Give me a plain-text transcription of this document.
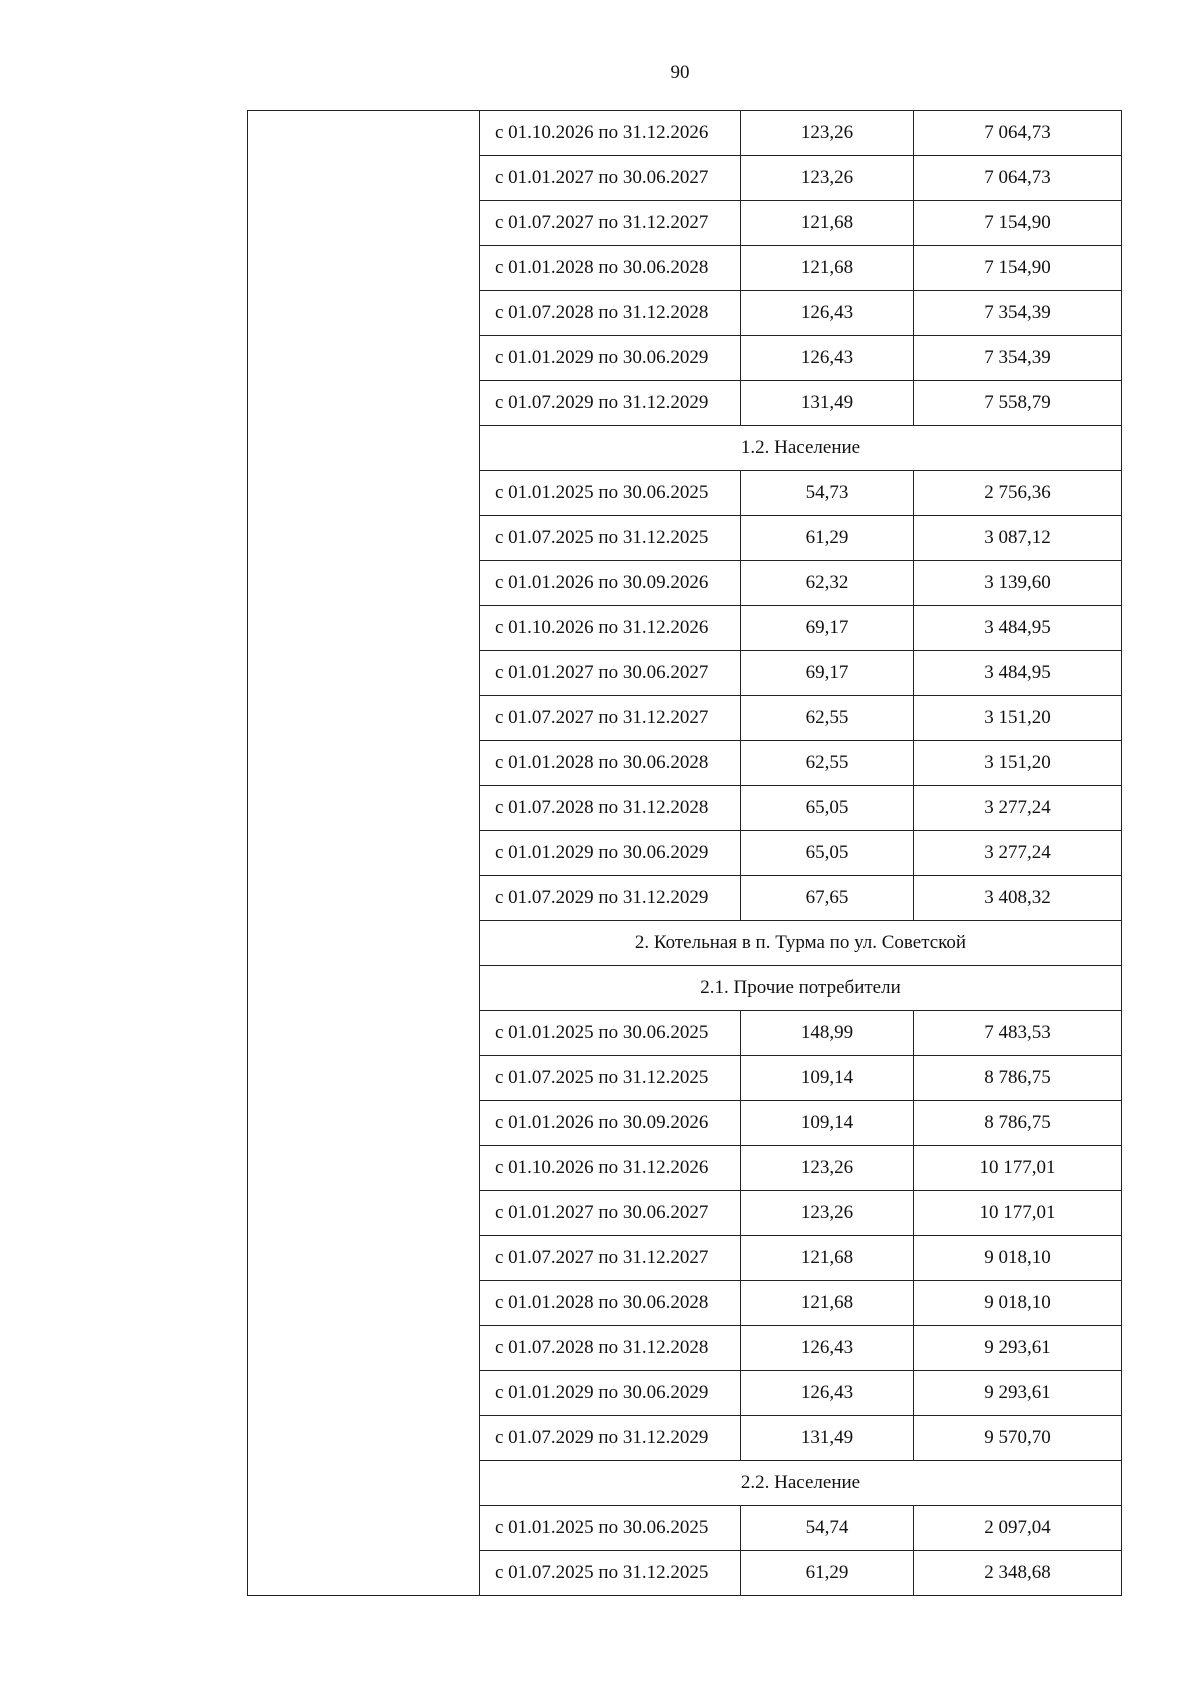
90
	с 01.10.2026 по 31.12.2026	123,26	7 064,73
	с 01.01.2027 по 30.06.2027	123,26	7 064,73
	с 01.07.2027 по 31.12.2027	121,68	7 154,90
	с 01.01.2028 по 30.06.2028	121,68	7 154,90
	с 01.07.2028 по 31.12.2028	126,43	7 354,39
	с 01.01.2029 по 30.06.2029	126,43	7 354,39
	с 01.07.2029 по 31.12.2029	131,49	7 558,79
	1.2. Население		
	с 01.01.2025 по 30.06.2025	54,73	2 756,36
	с 01.07.2025 по 31.12.2025	61,29	3 087,12
	с 01.01.2026 по 30.09.2026	62,32	3 139,60
	с 01.10.2026 по 31.12.2026	69,17	3 484,95
	с 01.01.2027 по 30.06.2027	69,17	3 484,95
	с 01.07.2027 по 31.12.2027	62,55	3 151,20
	с 01.01.2028 по 30.06.2028	62,55	3 151,20
	с 01.07.2028 по 31.12.2028	65,05	3 277,24
	с 01.01.2029 по 30.06.2029	65,05	3 277,24
	с 01.07.2029 по 31.12.2029	67,65	3 408,32
	2. Котельная в п. Турма по ул. Советской		
	2.1. Прочие потребители		
	с 01.01.2025 по 30.06.2025	148,99	7 483,53
	с 01.07.2025 по 31.12.2025	109,14	8 786,75
	с 01.01.2026 по 30.09.2026	109,14	8 786,75
	с 01.10.2026 по 31.12.2026	123,26	10 177,01
	с 01.01.2027 по 30.06.2027	123,26	10 177,01
	с 01.07.2027 по 31.12.2027	121,68	9 018,10
	с 01.01.2028 по 30.06.2028	121,68	9 018,10
	с 01.07.2028 по 31.12.2028	126,43	9 293,61
	с 01.01.2029 по 30.06.2029	126,43	9 293,61
	с 01.07.2029 по 31.12.2029	131,49	9 570,70
	2.2. Население		
	с 01.01.2025 по 30.06.2025	54,74	2 097,04
	с 01.07.2025 по 31.12.2025	61,29	2 348,68
